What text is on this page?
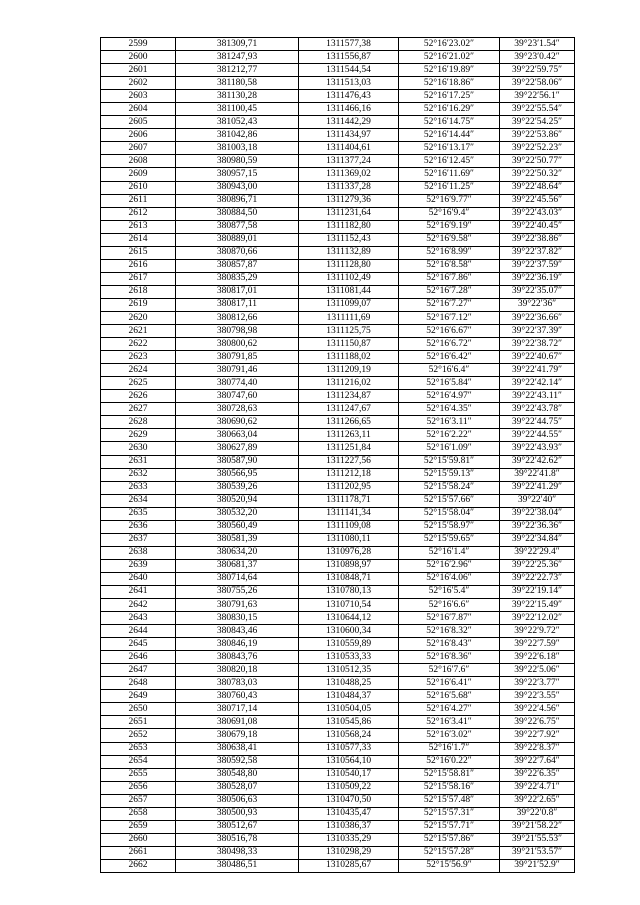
2599	381309,71	1311577,38	52°16′23.02″	39°23′1.54″
2600	381247,93	1311556,87	52°16′21.02″	39°23′0.42″
2601	381212,77	1311544,54	52°16′19.89″	39°22′59.75″
2602	381180,58	1311513,03	52°16′18.86″	39°22′58.06″
2603	381130,28	1311476,43	52°16′17.25″	39°22′56.1″
2604	381100,45	1311466,16	52°16′16.29″	39°22′55.54″
2605	381052,43	1311442,29	52°16′14.75″	39°22′54.25″
2606	381042,86	1311434,97	52°16′14.44″	39°22′53.86″
2607	381003,18	1311404,61	52°16′13.17″	39°22′52.23″
2608	380980,59	1311377,24	52°16′12.45″	39°22′50.77″
2609	380957,15	1311369,02	52°16′11.69″	39°22′50.32″
2610	380943,00	1311337,28	52°16′11.25″	39°22′48.64″
2611	380896,71	1311279,36	52°16′9.77″	39°22′45.56″
2612	380884,50	1311231,64	52°16′9.4″	39°22′43.03″
2613	380877,58	1311182,80	52°16′9.19″	39°22′40.45″
2614	380889,01	1311152,43	52°16′9.58″	39°22′38.86″
2615	380870,66	1311132,89	52°16′8.99″	39°22′37.82″
2616	380857,87	1311128,80	52°16′8.58″	39°22′37.59″
2617	380835,29	1311102,49	52°16′7.86″	39°22′36.19″
2618	380817,01	1311081,44	52°16′7.28″	39°22′35.07″
2619	380817,11	1311099,07	52°16′7.27″	39°22′36″
2620	380812,66	1311111,69	52°16′7.12″	39°22′36.66″
2621	380798,98	1311125,75	52°16′6.67″	39°22′37.39″
2622	380800,62	1311150,87	52°16′6.72″	39°22′38.72″
2623	380791,85	1311188,02	52°16′6.42″	39°22′40.67″
2624	380791,46	1311209,19	52°16′6.4″	39°22′41.79″
2625	380774,40	1311216,02	52°16′5.84″	39°22′42.14″
2626	380747,60	1311234,87	52°16′4.97″	39°22′43.11″
2627	380728,63	1311247,67	52°16′4.35″	39°22′43.78″
2628	380690,62	1311266,65	52°16′3.11″	39°22′44.75″
2629	380663,04	1311263,11	52°16′2.22″	39°22′44.55″
2630	380627,89	1311251,84	52°16′1.09″	39°22′43.93″
2631	380587,90	1311227,56	52°15′59.81″	39°22′42.62″
2632	380566,95	1311212,18	52°15′59.13″	39°22′41.8″
2633	380539,26	1311202,95	52°15′58.24″	39°22′41.29″
2634	380520,94	1311178,71	52°15′57.66″	39°22′40″
2635	380532,20	1311141,34	52°15′58.04″	39°22′38.04″
2636	380560,49	1311109,08	52°15′58.97″	39°22′36.36″
2637	380581,39	1311080,11	52°15′59.65″	39°22′34.84″
2638	380634,20	1310976,28	52°16′1.4″	39°22′29.4″
2639	380681,37	1310898,97	52°16′2.96″	39°22′25.36″
2640	380714,64	1310848,71	52°16′4.06″	39°22′22.73″
2641	380755,26	1310780,13	52°16′5.4″	39°22′19.14″
2642	380791,63	1310710,54	52°16′6.6″	39°22′15.49″
2643	380830,15	1310644,12	52°16′7.87″	39°22′12.02″
2644	380843,46	1310600,34	52°16′8.32″	39°22′9.72″
2645	380846,19	1310559,89	52°16′8.43″	39°22′7.59″
2646	380843,76	1310533,33	52°16′8.36″	39°22′6.18″
2647	380820,18	1310512,35	52°16′7.6″	39°22′5.06″
2648	380783,03	1310488,25	52°16′6.41″	39°22′3.77″
2649	380760,43	1310484,37	52°16′5.68″	39°22′3.55″
2650	380717,14	1310504,05	52°16′4.27″	39°22′4.56″
2651	380691,08	1310545,86	52°16′3.41″	39°22′6.75″
2652	380679,18	1310568,24	52°16′3.02″	39°22′7.92″
2653	380638,41	1310577,33	52°16′1.7″	39°22′8.37″
2654	380592,58	1310564,10	52°16′0.22″	39°22′7.64″
2655	380548,80	1310540,17	52°15′58.81″	39°22′6.35″
2656	380528,07	1310509,22	52°15′58.16″	39°22′4.71″
2657	380506,63	1310470,50	52°15′57.48″	39°22′2.65″
2658	380500,93	1310435,47	52°15′57.31″	39°22′0.8″
2659	380512,67	1310386,37	52°15′57.71″	39°21′58.22″
2660	380516,78	1310335,29	52°15′57.86″	39°21′55.53″
2661	380498,33	1310298,29	52°15′57.28″	39°21′53.57″
2662	380486,51	1310285,67	52°15′56.9″	39°21′52.9″
